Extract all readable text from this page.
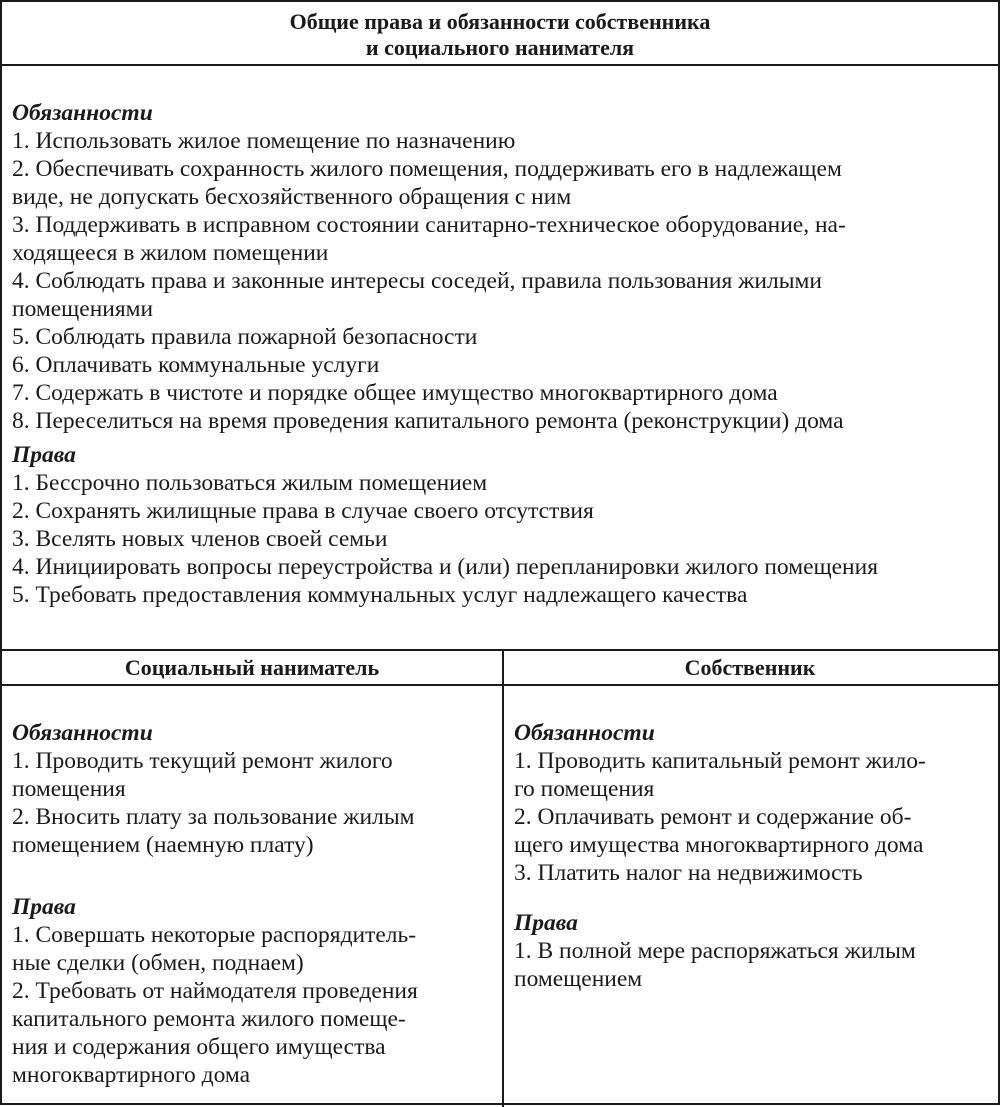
Общие права и обязанности собственника
и социального нанимателя
Обязанности
1. Использовать жилое помещение по назначению
2. Обеспечивать сохранность жилого помещения, поддерживать его в надлежащем
виде, не допускать бесхозяйственного обращения с ним
3. Поддерживать в исправном состоянии санитарно-техническое оборудование, на-
ходящееся в жилом помещении
4. Соблюдать права и законные интересы соседей, правила пользования жилыми
помещениями
5. Соблюдать правила пожарной безопасности
6. Оплачивать коммунальные услуги
7. Содержать в чистоте и порядке общее имущество многоквартирного дома
8. Переселиться на время проведения капитального ремонта (реконструкции) дома
Права
1. Бессрочно пользоваться жилым помещением
2. Сохранять жилищные права в случае своего отсутствия
3. Вселять новых членов своей семьи
4. Инициировать вопросы переустройства и (или) перепланировки жилого помещения
5. Требовать предоставления коммунальных услуг надлежащего качества
Социальный наниматель	Собственник
Обязанности
1. Проводить текущий ремонт жилого
помещения
2. Вносить плату за пользование жилым
помещением (наемную плату)
Права
1. Совершать некоторые распорядитель-
ные сделки (обмен, поднаем)
2. Требовать от наймодателя проведения
капитального ремонта жилого помеще-
ния и содержания общего имущества
многоквартирного дома
Обязанности
1. Проводить капитальный ремонт жило-
го помещения
2. Оплачивать ремонт и содержание об-
щего имущества многоквартирного дома
3. Платить налог на недвижимость
Права
1. В полной мере распоряжаться жилым
помещением
